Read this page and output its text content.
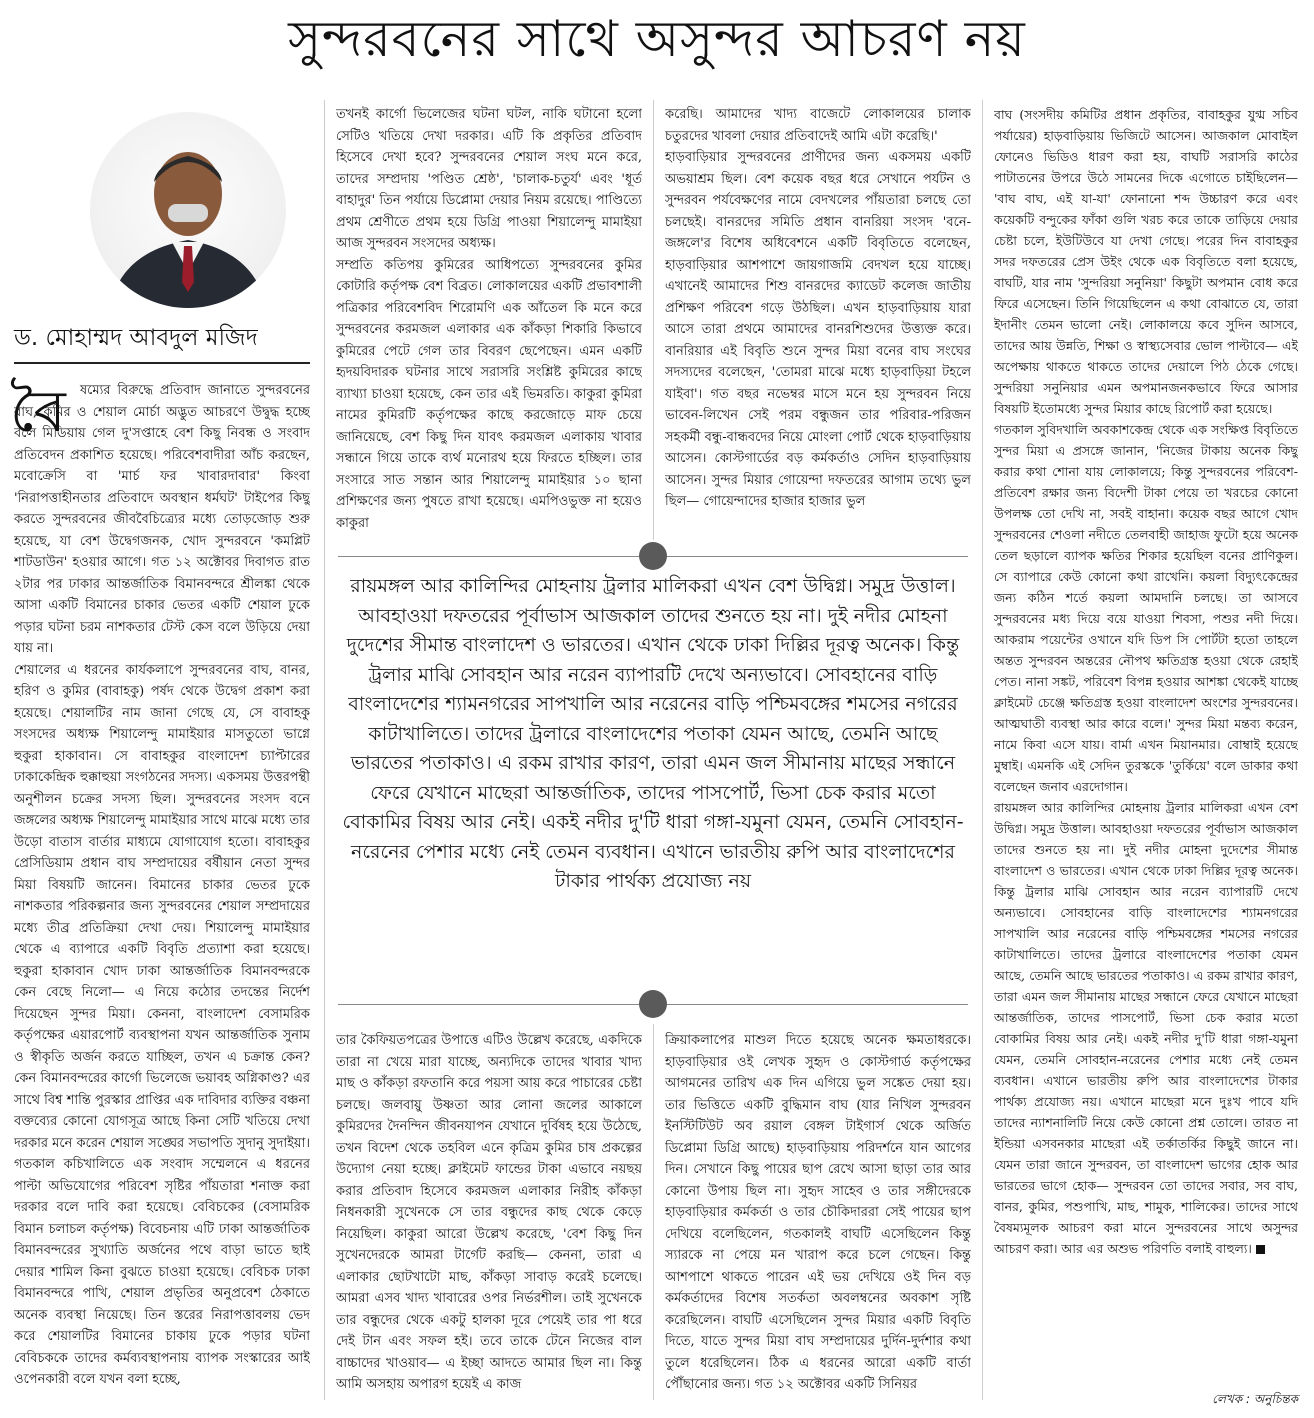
সুন্দরবনের সাথে অসুন্দর আচরণ নয়
ড. মোহাম্মদ আবদুল মজিদ
বৈ	ষম্যের বিরুদ্ধে প্রতিবাদ জানাতে সুন্দরবনের বাঘ, কুমির ও শেয়াল মোর্চা অদ্ভুত আচরণে উদ্বুদ্ধ হচ্ছে বলে মিডিয়ায় গেল দু'সপ্তাহে বেশ কিছু নিবন্ধ ও সংবাদ প্রতিবেদন প্রকাশিত হয়েছে। পরিবেশবাদীরা আঁচ করছেন, মবোক্রেসি বা 'মার্চ ফর খাবারদাবার' কিংবা 'নিরাপত্তাহীনতার প্রতিবাদে অবস্থান ধর্মঘট' টাইপের কিছু করতে সুন্দরবনের জীববৈচিত্র্যের মধ্যে তোড়জোড় শুরু হয়েছে, যা বেশ উদ্বেগজনক, খোদ সুন্দরবনে 'কমপ্লিট শাটডাউন' হওয়ার আগে। গত ১২ অক্টোবর দিবাগত রাত ২টার পর ঢাকার আন্তর্জাতিক বিমানবন্দরে শ্রীলঙ্কা থেকে আসা একটি বিমানের চাকার ভেতর একটি শেয়াল ঢুকে পড়ার ঘটনা চরম নাশকতার টেস্ট কেস বলে উড়িয়ে দেয়া যায় না।

শেয়ালের এ ধরনের কার্যকলাপে সুন্দরবনের বাঘ, বানর, হরিণ ও কুমির (বাবাহকু) পর্ষদ থেকে উদ্বেগ প্রকাশ করা হয়েছে। শেয়ালটির নাম জানা গেছে যে, সে বাবাহকু সংসদের অধ্যক্ষ শিয়ালেন্দু মামাইয়ার মাসতুতো ভাগ্নে হুকুরা হাকাবান। সে বাবাহকুর বাংলাদেশ চ্যাপ্টারের ঢাকাকেন্দ্রিক হুক্কাহুয়া সংগঠনের সদস্য। একসময় উত্তরপন্থী অনুশীলন চক্রের সদস্য ছিল। সুন্দরবনের সংসদ বনে জঙ্গলের অধ্যক্ষ শিয়ালেন্দু মামাইয়ার সাথে মাঝে মধ্যে তার উড়ো বাতাস বার্তার মাধ্যমে যোগাযোগ হতো। বাবাহকুর প্রেসিডিয়াম প্রধান বাঘ সম্প্রদায়ের বর্ষীয়ান নেতা সুন্দর মিয়া বিষয়টি জানেন। বিমানের চাকার ভেতর ঢুকে নাশকতার পরিকল্পনার জন্য সুন্দরবনের শেয়াল সম্প্রদায়ের মধ্যে তীব্র প্রতিক্রিয়া দেখা দেয়। শিয়ালেন্দু মামাইয়ার থেকে এ ব্যাপারে একটি বিবৃতি প্রত্যাশা করা হয়েছে। হুকুরা হাকাবান খোদ ঢাকা আন্তর্জাতিক বিমানবন্দরকে কেন বেছে নিলো— এ নিয়ে কঠোর তদন্তের নির্দেশ দিয়েছেন সুন্দর মিয়া। কেননা, বাংলাদেশ বেসামরিক কর্তৃপক্ষের এয়ারপোর্ট ব্যবস্থাপনা যখন আন্তর্জাতিক সুনাম ও স্বীকৃতি অর্জন করতে যাচ্ছিল, তখন এ চক্রান্ত কেন? কেন বিমানবন্দরের কার্গো ভিলেজে ভয়াবহ অগ্নিকাণ্ড? এর সাথে বিশ্ব শান্তি পুরস্কার প্রাপ্তির এক দাবিদার ব্যক্তির বঞ্চনা বক্তব্যের কোনো যোগসূত্র আছে কিনা সেটি খতিয়ে দেখা দরকার মনে করেন শেয়াল সঙ্ঘের সভাপতি সুদানু সুদাইয়া। গতকাল কচিখালিতে এক সংবাদ সম্মেলনে এ ধরনের পাল্টা অভিযোগের পরিবেশ সৃষ্টির পাঁয়তারা শনাক্ত করা দরকার বলে দাবি করা হয়েছে। বেবিচকের (বেসামরিক বিমান চলাচল কর্তৃপক্ষ) বিবেচনায় এটি ঢাকা আন্তর্জাতিক বিমানবন্দরের সুখ্যাতি অর্জনের পথে বাড়া ভাতে ছাই দেয়ার শামিল কিনা বুঝতে চাওয়া হয়েছে। বেবিচক ঢাকা বিমানবন্দরে পাখি, শেয়াল প্রভৃতির অনুপ্রবেশ ঠেকাতে অনেক ব্যবস্থা নিয়েছে। তিন স্তরের নিরাপত্তাবলয় ভেদ করে শেয়ালটির বিমানের চাকায় ঢুকে পড়ার ঘটনা বেবিচককে তাদের কর্মব্যবস্থাপনায় ব্যাপক সংস্কারের আই ওপেনকারী বলে যখন বলা হচ্ছে,

তখনই কার্গো ভিলেজের ঘটনা ঘটল, নাকি ঘটানো হলো সেটিও খতিয়ে দেখা দরকার। এটি কি প্রকৃতির প্রতিবাদ হিসেবে দেখা হবে? সুন্দরবনের শেয়াল সংঘ মনে করে, তাদের সম্প্রদায় 'পণ্ডিত শ্রেষ্ঠ', 'চালাক-চতুর্য' এবং 'ধূর্ত বাহাদুর' তিন পর্যায়ে ডিপ্লোমা দেয়ার নিয়ম রয়েছে। পাণ্ডিত্যে প্রথম শ্রেণীতে প্রথম হয়ে ডিগ্রি পাওয়া শিয়ালেন্দু মামাইয়া আজ সুন্দরবন সংসদের অধ্যক্ষ।

সম্প্রতি কতিপয় কুমিরের আধিপত্যে সুন্দরবনের কুমির কোটারি কর্তৃপক্ষ বেশ বিব্রত। লোকালয়ের একটি প্রভাবশালী পত্রিকার পরিবেশবিদ শিরোমণি এক আঁতেল কি মনে করে সুন্দরবনের করমজল এলাকার এক কাঁকড়া শিকারি কিভাবে কুমিরের পেটে গেল তার বিবরণ ছেপেছেন। এমন একটি হৃদয়বিদারক ঘটনার সাথে সরাসরি সংশ্লিষ্ট কুমিরের কাছে ব্যাখ্যা চাওয়া হয়েছে, কেন তার এই ভিমরতি। কাকুরা কুমিরা নামের কুমিরটি কর্তৃপক্ষের কাছে করজোড়ে মাফ চেয়ে জানিয়েছে, বেশ কিছু দিন যাবৎ করমজল এলাকায় খাবার সন্ধানে গিয়ে তাকে ব্যর্থ মনোরথ হয়ে ফিরতে হচ্ছিল। তার সংসারে সাত সন্তান আর শিয়ালেন্দু মামাইয়ার ১০ ছানা প্রশিক্ষণের জন্য পুষতে রাখা হয়েছে। এমপিওভুক্ত না হয়েও কাকুরা

করেছি। আমাদের খাদ্য বাজেটে লোকালয়ের চালাক চতুরদের খাবলা দেয়ার প্রতিবাদেই আমি এটা করেছি।'

হাড়বাড়িয়ার সুন্দরবনের প্রাণীদের জন্য একসময় একটি অভয়াশ্রম ছিল। বেশ কয়েক বছর ধরে সেখানে পর্যটন ও সুন্দরবন পর্যবেক্ষণের নামে বেদখলের পাঁয়তারা চলছে তো চলছেই। বানরদের সমিতি প্রধান বানরিয়া সংসদ 'বনে-জঙ্গলে'র বিশেষ অধিবেশনে একটি বিবৃতিতে বলেছেন, হাড়বাড়িয়ার আশপাশে জায়গাজমি বেদখল হয়ে যাচ্ছে। এখানেই আমাদের শিশু বানরদের ক্যাডেট কলেজ জাতীয় প্রশিক্ষণ পরিবেশ গড়ে উঠছিল। এখন হাড়বাড়িয়ায় যারা আসে তারা প্রথমে আমাদের বানরশিশুদের উত্ত্যক্ত করে। বানরিয়ার এই বিবৃতি শুনে সুন্দর মিয়া বনের বাঘ সংঘের সদস্যদের বলেছেন, 'তোমরা মাঝে মধ্যে হাড়বাড়িয়া টহলে যাইবা'। গত বছর নভেম্বর মাসে মনে হয় সুন্দরবন নিয়ে ভাবেন-লিখেন সেই পরম বন্ধুজন তার পরিবার-পরিজন সহকর্মী বন্ধু-বান্ধবদের নিয়ে মোংলা পোর্ট থেকে হাড়বাড়িয়ায় আসেন। কোস্টগার্ডের বড় কর্মকর্তাও সেদিন হাড়বাড়িয়ায় আসেন। সুন্দর মিয়ার গোয়েন্দা দফতরের আগাম তথ্যে ভুল ছিল— গোয়েন্দাদের হাজার হাজার ভুল

রায়মঙ্গল আর কালিন্দির মোহনায় ট্রলার মালিকরা এখন বেশ উদ্বিগ্ন। সমুদ্র উত্তাল। আবহাওয়া দফতরের পূর্বাভাস আজকাল তাদের শুনতে হয় না। দুই নদীর মোহনা দুদেশের সীমান্ত বাংলাদেশ ও ভারতের। এখান থেকে ঢাকা দিল্লির দূরত্ব অনেক। কিন্তু ট্রলার মাঝি সোবহান আর নরেন ব্যাপারটি দেখে অন্যভাবে। সোবহানের বাড়ি বাংলাদেশের শ্যামনগরের সাপখালি আর নরেনের বাড়ি পশ্চিমবঙ্গের শমসের নগরের কাটাখালিতে। তাদের ট্রলারে বাংলাদেশের পতাকা যেমন আছে, তেমনি আছে ভারতের পতাকাও। এ রকম রাখার কারণ, তারা এমন জল সীমানায় মাছের সন্ধানে ফেরে যেখানে মাছেরা আন্তর্জাতিক, তাদের পাসপোর্ট, ভিসা চেক করার মতো বোকামির বিষয় আর নেই। একই নদীর দু'টি ধারা গঙ্গা-যমুনা যেমন, তেমনি সোবহান-নরেনের পেশার মধ্যে নেই তেমন ব্যবধান। এখানে ভারতীয় রুপি আর বাংলাদেশের টাকার পার্থক্য প্রযোজ্য নয়

তার কৈফিয়তপত্রের উপাত্তে এটিও উল্লেখ করেছে, একদিকে তারা না খেয়ে মারা যাচ্ছে, অন্যদিকে তাদের খাবার খাদ্য মাছ ও কাঁকড়া রফতানি করে পয়সা আয় করে পাচারের চেষ্টা চলছে। জলবায়ু উষ্ণতা আর লোনা জলের আকালে কুমিরদের দৈনন্দিন জীবনযাপন যেখানে দুর্বিষহ হয়ে উঠেছে, তখন বিদেশ থেকে তহবিল এনে কৃত্রিম কুমির চাষ প্রকল্পের উদ্যোগ নেয়া হচ্ছে। ক্লাইমেট ফান্ডের টাকা এভাবে নয়ছয় করার প্রতিবাদ হিসেবে করমজল এলাকার নিরীহ কাঁকড়া নিধনকারী সুখেনকে সে তার বন্ধুদের কাছ থেকে কেড়ে নিয়েছিল। কাকুরা আরো উল্লেখ করেছে, 'বেশ কিছু দিন সুখেনদেরকে আমরা টার্গেট করছি— কেননা, তারা এ এলাকার ছোটখাটো মাছ, কাঁকড়া সাবাড় করেই চলেছে। আমরা এসব খাদ্য খাবারের ওপর নির্ভরশীল। তাই সুখেনকে তার বন্ধুদের থেকে একটু হালকা দূরে পেয়েই তার পা ধরে দেই টান এবং সফল হই। তবে তাকে টেনে নিজের বাল বাচ্চাদের খাওয়াব— এ ইচ্ছা আদতে আমার ছিল না। কিন্তু আমি অসহায় অপারগ হয়েই এ কাজ

ক্রিয়াকলাপের মাশুল দিতে হয়েছে অনেক ক্ষমতাধরকে। হাড়বাড়িয়ার ওই লেখক সুহৃদ ও কোস্টগার্ড কর্তৃপক্ষের আগমনের তারিখ এক দিন এগিয়ে ভুল সঙ্কেত দেয়া হয়। তার ভিত্তিতে একটি বুদ্ধিমান বাঘ (যার নিখিল সুন্দরবন ইনস্টিটিউট অব রয়াল বেঙ্গল টাইগার্স থেকে অর্জিত ডিপ্লোমা ডিগ্রি আছে) হাড়বাড়িয়ায় পরিদর্শনে যান আগের দিন। সেখানে কিছু পায়ের ছাপ রেখে আসা ছাড়া তার আর কোনো উপায় ছিল না। সুহৃদ সাহেব ও তার সঙ্গীদেরকে হাড়বাড়িয়ার কর্মকর্তা ও তার চৌকিদাররা সেই পায়ের ছাপ দেখিয়ে বলেছিলেন, গতকালই বাঘটি এসেছিলেন কিন্তু স্যারকে না পেয়ে মন খারাপ করে চলে গেছেন। কিন্তু আশপাশে থাকতে পারেন এই ভয় দেখিয়ে ওই দিন বড় কর্মকর্তাদের বিশেষ সতর্কতা অবলম্বনের অবকাশ সৃষ্টি করেছিলেন। বাঘটি এসেছিলেন সুন্দর মিয়ার একটি বিবৃতি দিতে, যাতে সুন্দর মিয়া বাঘ সম্প্রদায়ের দুর্দিন-দুর্দশার কথা তুলে ধরেছিলেন। ঠিক এ ধরনের আরো একটি বার্তা পৌঁছানোর জন্য। গত ১২ অক্টোবর একটি সিনিয়র

বাঘ (সংসদীয় কমিটির প্রধান প্রকৃতির, বাবাহকুর যুগ্ম সচিব পর্যায়ের) হাড়বাড়িয়ায় ভিজিটে আসেন। আজকাল মোবাইল ফোনেও ভিডিও ধারণ করা হয়, বাঘটি সরাসরি কাঠের পাটাতনের উপরে উঠে সামনের দিকে এগোতে চাইছিলেন— 'বাঘ বাঘ, এই যা-যা' ফোনানো শব্দ উচ্চারণ করে এবং কয়েকটি বন্দুকের ফাঁকা গুলি খরচ করে তাকে তাড়িয়ে দেয়ার চেষ্টা চলে, ইউটিউবে যা দেখা গেছে। পরের দিন বাবাহকুর সদর দফতরের প্রেস উইং থেকে এক বিবৃতিতে বলা হয়েছে, বাঘটি, যার নাম 'সুন্দরিয়া সনুনিয়া' কিছুটা অপমান বোধ করে ফিরে এসেছেন। তিনি গিয়েছিলেন এ কথা বোঝাতে যে, তারা ইদানীং তেমন ভালো নেই। লোকালয়ে কবে সুদিন আসবে, তাদের আয় উন্নতি, শিক্ষা ও স্বাস্থ্যসেবার ভোল পাল্টাবে— এই অপেক্ষায় থাকতে থাকতে তাদের দেয়ালে পিঠ ঠেকে গেছে। সুন্দরিয়া সনুনিয়ার এমন অপমানজনকভাবে ফিরে আসার বিষয়টি ইতোমধ্যে সুন্দর মিয়ার কাছে রিপোর্ট করা হয়েছে।

গতকাল সুবিদখালি অবকাশকেন্দ্র থেকে এক সংক্ষিপ্ত বিবৃতিতে সুন্দর মিয়া এ প্রসঙ্গে জানান, 'নিজের টাকায় অনেক কিছু করার কথা শোনা যায় লোকালয়ে; কিন্তু সুন্দরবনের পরিবেশ-প্রতিবেশ রক্ষার জন্য বিদেশী টাকা পেয়ে তা খরচের কোনো উপলক্ষ তো দেখি না, সবই বাহানা। কয়েক বছর আগে খোদ সুন্দরবনের শেওলা নদীতে তেলবাহী জাহাজ ফুটো হয়ে অনেক তেল ছড়ালে ব্যাপক ক্ষতির শিকার হয়েছিল বনের প্রাণিকুল। সে ব্যাপারে কেউ কোনো কথা রাখেনি। কয়লা বিদ্যুৎকেন্দ্রের জন্য কঠিন শর্তে কয়লা আমদানি চলছে। তা আসবে সুন্দরবনের মধ্য দিয়ে বয়ে যাওয়া শিবসা, পশুর নদী দিয়ে। আকরাম পয়েন্টের ওখানে যদি ডিপ সি পোর্টটা হতো তাহলে অন্তত সুন্দরবন অন্তরের নৌপথ ক্ষতিগ্রস্ত হওয়া থেকে রেহাই পেত। নানা সঙ্কট, পরিবেশ বিপন্ন হওয়ার আশঙ্কা থেকেই যাচ্ছে ক্লাইমেট চেঞ্জে ক্ষতিগ্রস্ত হওয়া বাংলাদেশ অংশের সুন্দরবনের। আত্মঘাতী ব্যবস্থা আর কারে বলে।' সুন্দর মিয়া মন্তব্য করেন, নামে কিবা এসে যায়। বার্মা এখন মিয়ানমার। বোম্বাই হয়েছে মুম্বাই। এমনকি এই সেদিন তুরস্ককে 'তুর্কিয়ে' বলে ডাকার কথা বলেছেন জনাব এরদোগান।

রায়মঙ্গল আর কালিন্দির মোহনায় ট্রলার মালিকরা এখন বেশ উদ্বিগ্ন। সমুদ্র উত্তাল। আবহাওয়া দফতরের পূর্বাভাস আজকাল তাদের শুনতে হয় না। দুই নদীর মোহনা দুদেশের সীমান্ত বাংলাদেশ ও ভারতের। এখান থেকে ঢাকা দিল্লির দূরত্ব অনেক। কিন্তু ট্রলার মাঝি সোবহান আর নরেন ব্যাপারটি দেখে অন্যভাবে। সোবহানের বাড়ি বাংলাদেশের শ্যামনগরের সাপখালি আর নরেনের বাড়ি পশ্চিমবঙ্গের শমসের নগরের কাটাখালিতে। তাদের ট্রলারে বাংলাদেশের পতাকা যেমন আছে, তেমনি আছে ভারতের পতাকাও। এ রকম রাখার কারণ, তারা এমন জল সীমানায় মাছের সন্ধানে ফেরে যেখানে মাছেরা আন্তর্জাতিক, তাদের পাসপোর্ট, ভিসা চেক করার মতো বোকামির বিষয় আর নেই। একই নদীর দু'টি ধারা গঙ্গা-যমুনা যেমন, তেমনি সোবহান-নরেনের পেশার মধ্যে নেই তেমন ব্যবধান। এখানে ভারতীয় রুপি আর বাংলাদেশের টাকার পার্থক্য প্রযোজ্য নয়। এখানে মাছেরা মনে দুঃখ পাবে যদি তাদের ন্যাশনালিটি নিয়ে কেউ কোনো প্রশ্ন তোলে। তারত না ইন্ডিয়া এসবনকার মাছেরা এই তর্কাতর্কির কিছুই জানে না। যেমন তারা জানে সুন্দরবন, তা বাংলাদেশ ভাগের হোক আর ভারতের ভাগে হোক— সুন্দরবন তো তাদের সবার, সব বাঘ, বানর, কুমির, পশুপাখি, মাছ, শামুক, শালিকের। তাদের সাথে বৈষম্যমূলক আচরণ করা মানে সুন্দরবনের সাথে অসুন্দর আচরণ করা। আর এর অশুভ পরিণতি বলাই বাহুল্য।

লেখক : অনুচিন্তক
